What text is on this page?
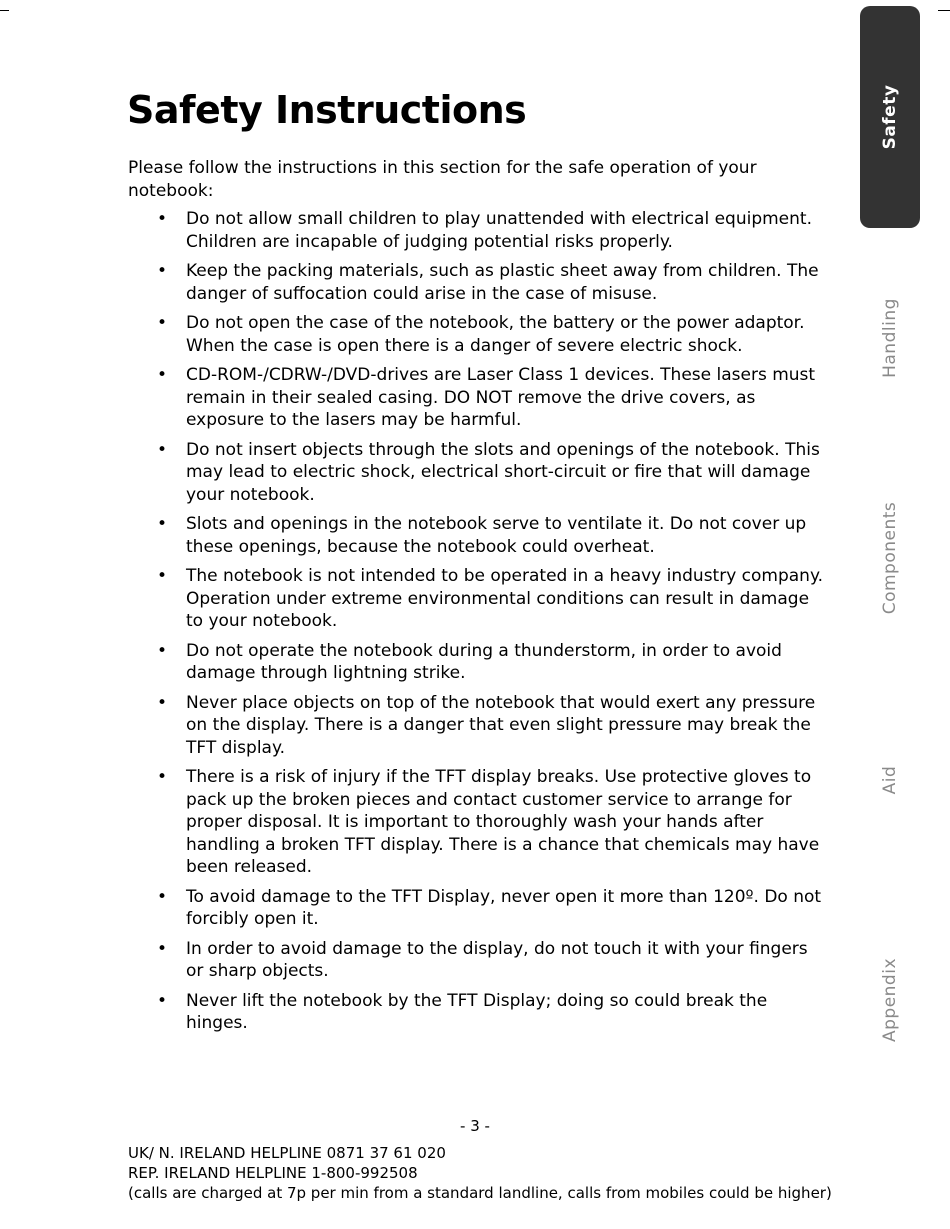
Safety Instructions

Please follow the instructions in this section for the safe operation of your notebook:

• Do not allow small children to play unattended with electrical equipment. Children are incapable of judging potential risks properly.
• Keep the packing materials, such as plastic sheet away from children. The danger of suffocation could arise in the case of misuse.
• Do not open the case of the notebook, the battery or the power adaptor. When the case is open there is a danger of severe electric shock.
• CD-ROM-/CDRW-/DVD-drives are Laser Class 1 devices. These lasers must remain in their sealed casing. DO NOT remove the drive covers, as exposure to the lasers may be harmful.
• Do not insert objects through the slots and openings of the notebook. This may lead to electric shock, electrical short-circuit or fire that will damage your notebook.
• Slots and openings in the notebook serve to ventilate it. Do not cover up these openings, because the notebook could overheat.
• The notebook is not intended to be operated in a heavy industry company. Operation under extreme environmental conditions can result in damage to your notebook.
• Do not operate the notebook during a thunderstorm, in order to avoid damage through lightning strike.
• Never place objects on top of the notebook that would exert any pressure on the display. There is a danger that even slight pressure may break the TFT display.
• There is a risk of injury if the TFT display breaks. Use protective gloves to pack up the broken pieces and contact customer service to arrange for proper disposal. It is important to thoroughly wash your hands after handling a broken TFT display. There is a chance that chemicals may have been released.
• To avoid damage to the TFT Display, never open it more than 120º. Do not forcibly open it.
• In order to avoid damage to the display, do not touch it with your fingers or sharp objects.
• Never lift the notebook by the TFT Display; doing so could break the hinges.
Safety
Handling
Components
Aid
Appendix
- 3 -
UK/ N. IRELAND HELPLINE 0871 37 61 020
REP. IRELAND HELPLINE 1-800-992508
(calls are charged at 7p per min from a standard landline, calls from mobiles could be higher)
